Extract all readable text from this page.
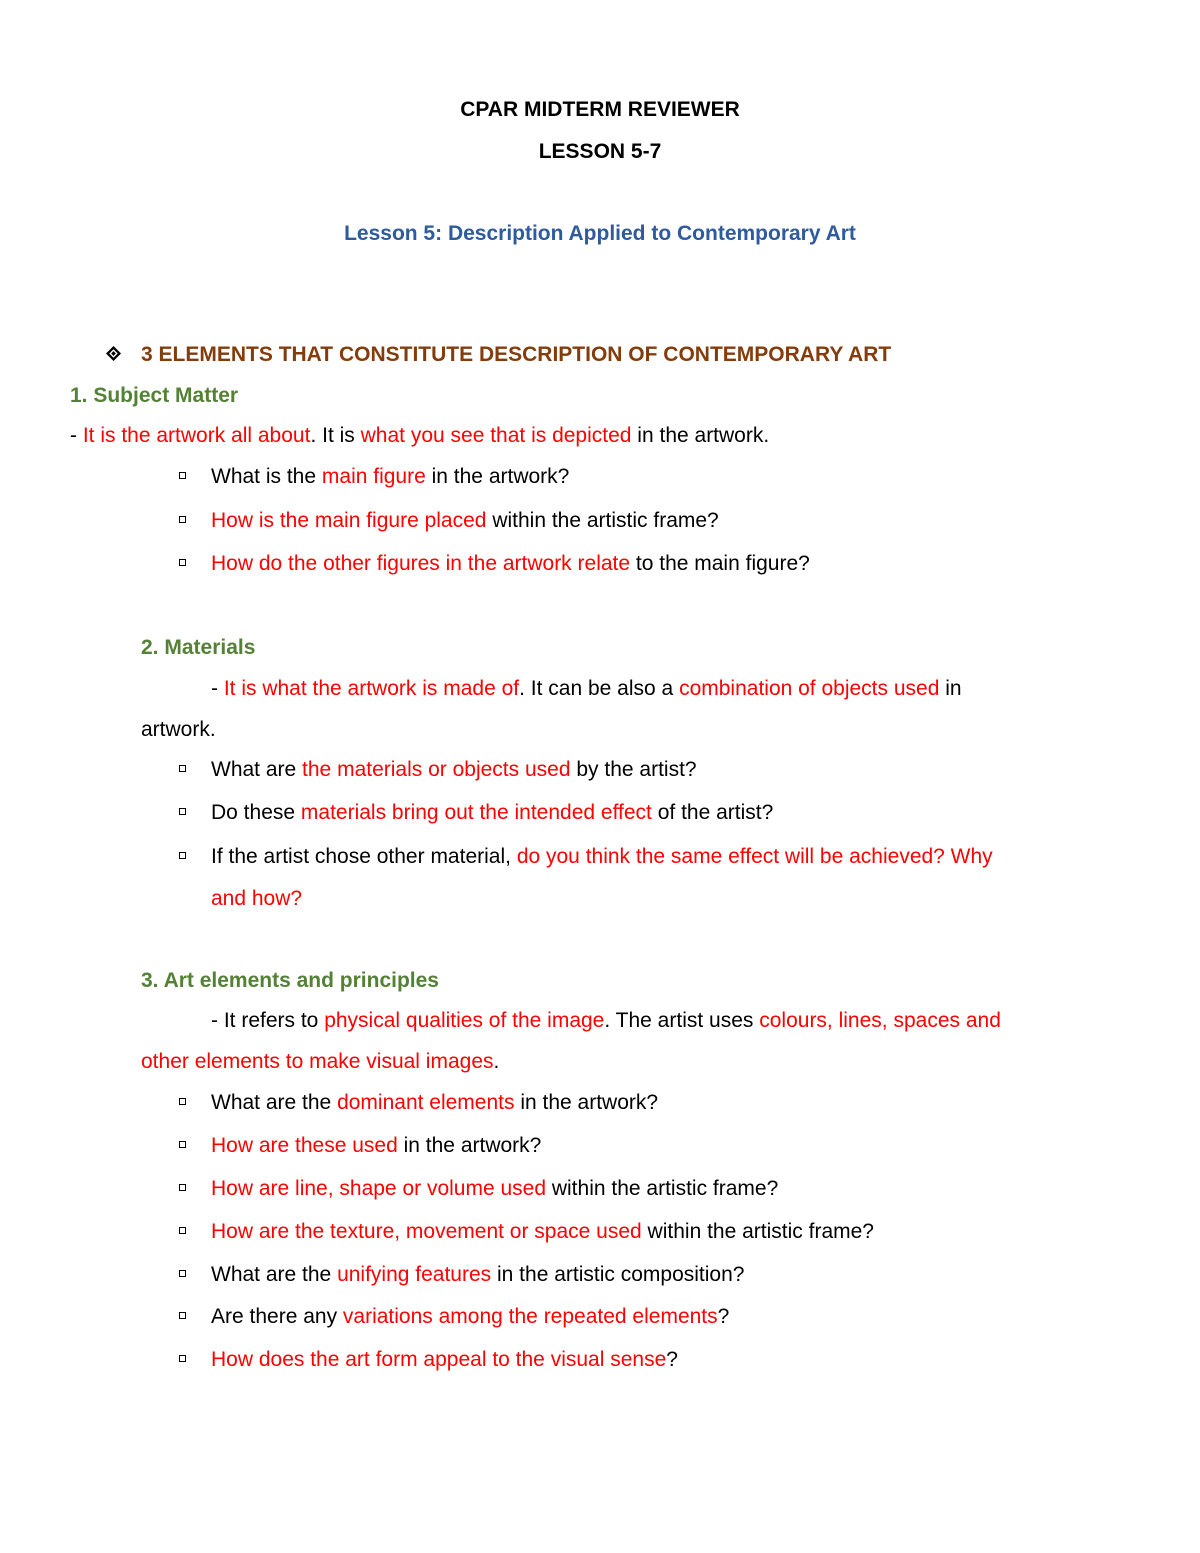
CPAR MIDTERM REVIEWER
LESSON 5-7
Lesson 5: Description Applied to Contemporary Art
3 ELEMENTS THAT CONSTITUTE DESCRIPTION OF CONTEMPORARY ART
1. Subject Matter
- It is the artwork all about. It is what you see that is depicted in the artwork.
What is the main figure in the artwork?
How is the main figure placed within the artistic frame?
How do the other figures in the artwork relate to the main figure?
2. Materials
- It is what the artwork is made of. It can be also a combination of objects used in
artwork.
What are the materials or objects used by the artist?
Do these materials bring out the intended effect of the artist?
If the artist chose other material, do you think the same effect will be achieved? Why
and how?
3. Art elements and principles
- It refers to physical qualities of the image. The artist uses colours, lines, spaces and
other elements to make visual images.
What are the dominant elements in the artwork?
How are these used in the artwork?
How are line, shape or volume used within the artistic frame?
How are the texture, movement or space used within the artistic frame?
What are the unifying features in the artistic composition?
Are there any variations among the repeated elements?
How does the art form appeal to the visual sense?
